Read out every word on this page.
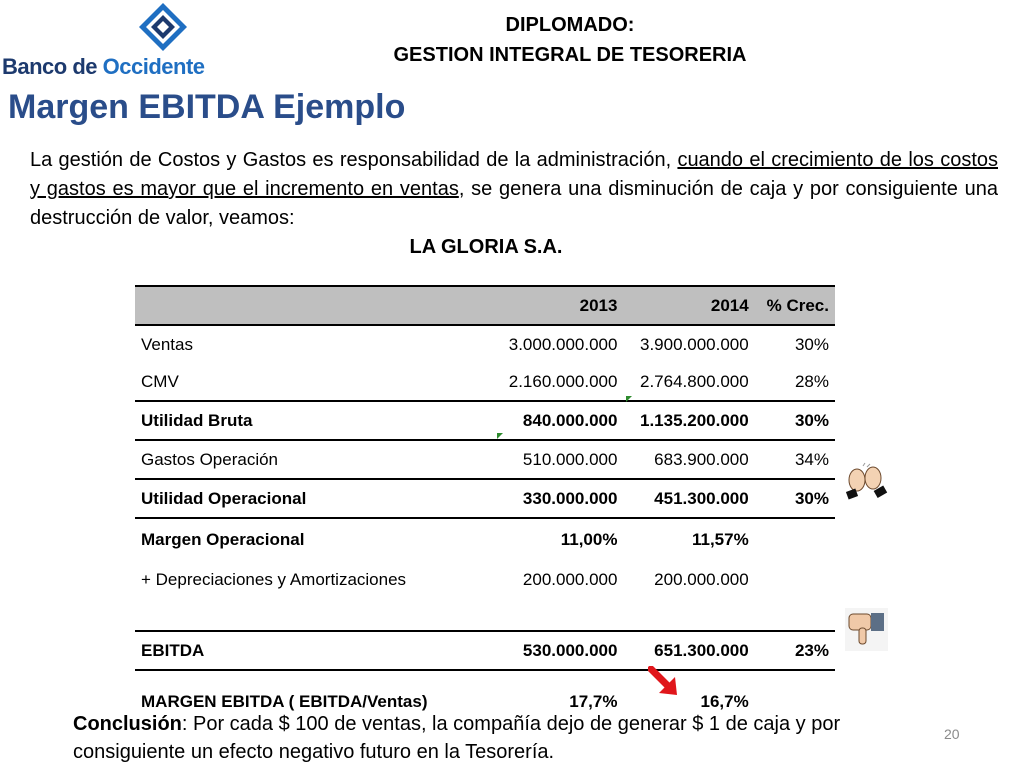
Banco de Occidente
DIPLOMADO:
GESTION INTEGRAL DE TESORERIA
Margen EBITDA Ejemplo
La gestión de Costos y Gastos es responsabilidad de la administración, cuando el crecimiento de los costos y gastos es mayor que el incremento en ventas, se genera una disminución de caja y por consiguiente una destrucción de valor, veamos:
LA GLORIA S.A.
	2013	2014	% Crec.
Ventas	3.000.000.000	3.900.000.000	30%
CMV	2.160.000.000	2.764.800.000	28%
Utilidad Bruta	840.000.000	1.135.200.000	30%
Gastos Operación	510.000.000	683.900.000	34%
Utilidad Operacional	330.000.000	451.300.000	30%
Margen Operacional	11,00%	11,57%	
+ Depreciaciones y Amortizaciones	200.000.000	200.000.000	

EBITDA	530.000.000	651.300.000	23%

MARGEN EBITDA ( EBITDA/Ventas)	17,7%	16,7%	
Conclusión: Por cada $ 100 de ventas, la compañía dejo de generar $ 1 de caja y por consiguiente un efecto negativo futuro en la Tesorería.
20
